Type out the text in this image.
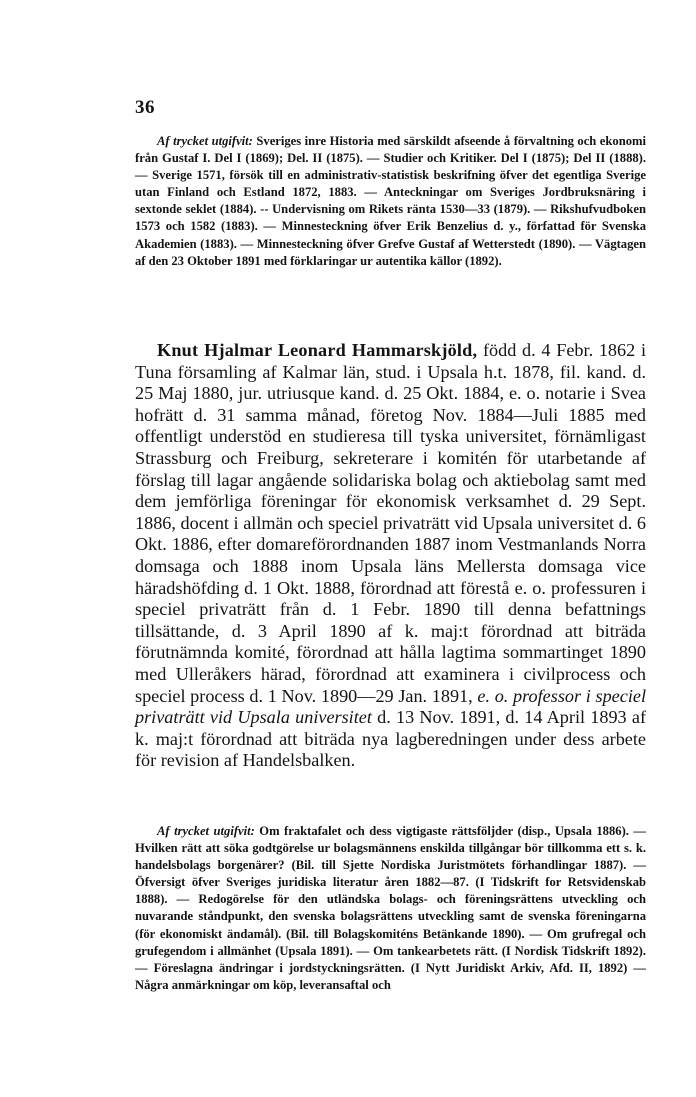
36

Af trycket utgifvit: Sveriges inre Historia med särskildt afseende å förvaltning och ekonomi från Gustaf I. Del I (1869); Del. II (1875). — Studier och Kritiker. Del I (1875); Del II (1888). — Sverige 1571, försök till en administrativ-statistisk beskrifning öfver det egentliga Sverige utan Finland och Estland 1872, 1883. — Anteckningar om Sveriges Jordbruksnäring i sextonde seklet (1884). -- Undervisning om Rikets ränta 1530—33 (1879). — Rikshufvudboken 1573 och 1582 (1883). — Minnesteckning öfver Erik Benzelius d. y., författad för Svenska Akademien (1883). — Minnesteckning öfver Grefve Gustaf af Wetterstedt (1890). — Vägtagen af den 23 Oktober 1891 med förklaringar ur autentika källor (1892).

Knut Hjalmar Leonard Hammarskjöld, född d. 4 Febr. 1862 i Tuna församling af Kalmar län, stud. i Upsala h.t. 1878, fil. kand. d. 25 Maj 1880, jur. utriusque kand. d. 25 Okt. 1884, e. o. notarie i Svea hofrätt d. 31 samma månad, företog Nov. 1884—Juli 1885 med offentligt understöd en studieresa till tyska universitet, förnämligast Strassburg och Freiburg, sekreterare i komitén för utarbetande af förslag till lagar angående solidariska bolag och aktiebolag samt med dem jemförliga föreningar för ekonomisk verksamhet d. 29 Sept. 1886, docent i allmän och speciel privaträtt vid Upsala universitet d. 6 Okt. 1886, efter domareförordnanden 1887 inom Vestmanlands Norra domsaga och 1888 inom Upsala läns Mellersta domsaga vice häradshöfding d. 1 Okt. 1888, förordnad att förestå e. o. professuren i speciel privaträtt från d. 1 Febr. 1890 till denna befattnings tillsättande, d. 3 April 1890 af k. maj:t förordnad att biträda förutnämnda komité, förordnad att hålla lagtima sommartinget 1890 med Ulleråkers härad, förordnad att examinera i civilprocess och speciel process d. 1 Nov. 1890—29 Jan. 1891, e. o. professor i speciel privaträtt vid Upsala universitet d. 13 Nov. 1891, d. 14 April 1893 af k. maj:t förordnad att biträda nya lagberedningen under dess arbete för revision af Handelsbalken.

Af trycket utgifvit: Om fraktafalet och dess vigtigaste rättsföljder (disp., Upsala 1886). — Hvilken rätt att söka godtgörelse ur bolagsmännens enskilda tillgångar bör tillkomma ett s. k. handelsbolags borgenärer? (Bil. till Sjette Nordiska Juristmötets förhandlingar 1887). — Öfversigt öfver Sveriges juridiska literatur åren 1882—87. (I Tidskrift for Retsvidenskab 1888). — Redogörelse för den utländska bolags- och föreningsrättens utveckling och nuvarande ståndpunkt, den svenska bolagsrättens utveckling samt de svenska föreningarna (för ekonomiskt ändamål). (Bil. till Bolagskomiténs Betänkande 1890). — Om grufregal och grufegendom i allmänhet (Upsala 1891). — Om tankearbetets rätt. (I Nordisk Tidskrift 1892). — Föreslagna ändringar i jordstyckningsrätten. (I Nytt Juridiskt Arkiv, Afd. II, 1892) — Några anmärkningar om köp, leveransaftal och
